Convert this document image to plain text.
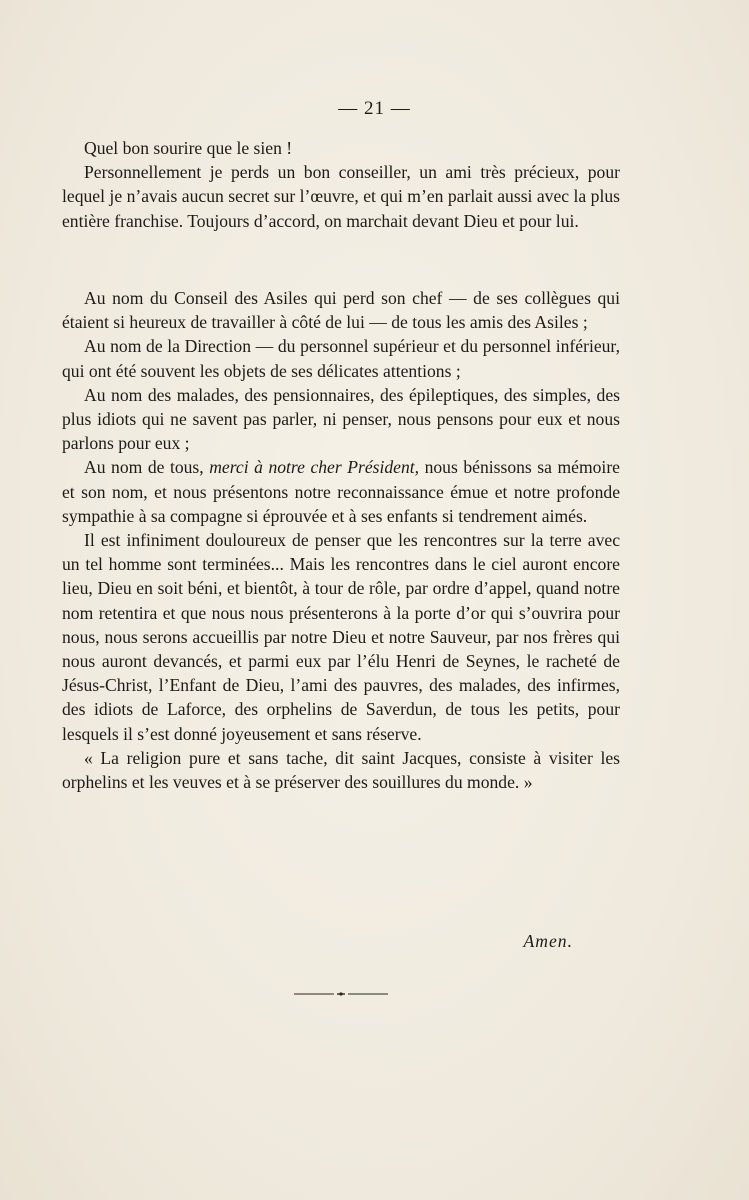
— 21 —

Quel bon sourire que le sien !

Personnellement je perds un bon conseiller, un ami très précieux, pour lequel je n’avais aucun secret sur l’œuvre, et qui m’en parlait aussi avec la plus entière franchise. Toujours d’accord, on marchait devant Dieu et pour lui.

Au nom du Conseil des Asiles qui perd son chef — de ses collègues qui étaient si heureux de travailler à côté de lui — de tous les amis des Asiles ;

Au nom de la Direction — du personnel supérieur et du personnel inférieur, qui ont été souvent les objets de ses délicates attentions ;

Au nom des malades, des pensionnaires, des épileptiques, des simples, des plus idiots qui ne savent pas parler, ni penser, nous pensons pour eux et nous parlons pour eux ;

Au nom de tous, merci à notre cher Président, nous bénissons sa mémoire et son nom, et nous présentons notre reconnaissance émue et notre profonde sympathie à sa compagne si éprouvée et à ses enfants si tendrement aimés.

Il est infiniment douloureux de penser que les rencontres sur la terre avec un tel homme sont terminées... Mais les rencontres dans le ciel auront encore lieu, Dieu en soit béni, et bientôt, à tour de rôle, par ordre d’appel, quand notre nom retentira et que nous nous présenterons à la porte d’or qui s’ouvrira pour nous, nous serons accueillis par notre Dieu et notre Sauveur, par nos frères qui nous auront devancés, et parmi eux par l’élu Henri de Seynes, le racheté de Jésus-Christ, l’Enfant de Dieu, l’ami des pauvres, des malades, des infirmes, des idiots de Laforce, des orphelins de Saverdun, de tous les petits, pour lesquels il s’est donné joyeusement et sans réserve.

« La religion pure et sans tache, dit saint Jacques, consiste à visiter les orphelins et les veuves et à se préserver des souillures du monde. »

Amen.
